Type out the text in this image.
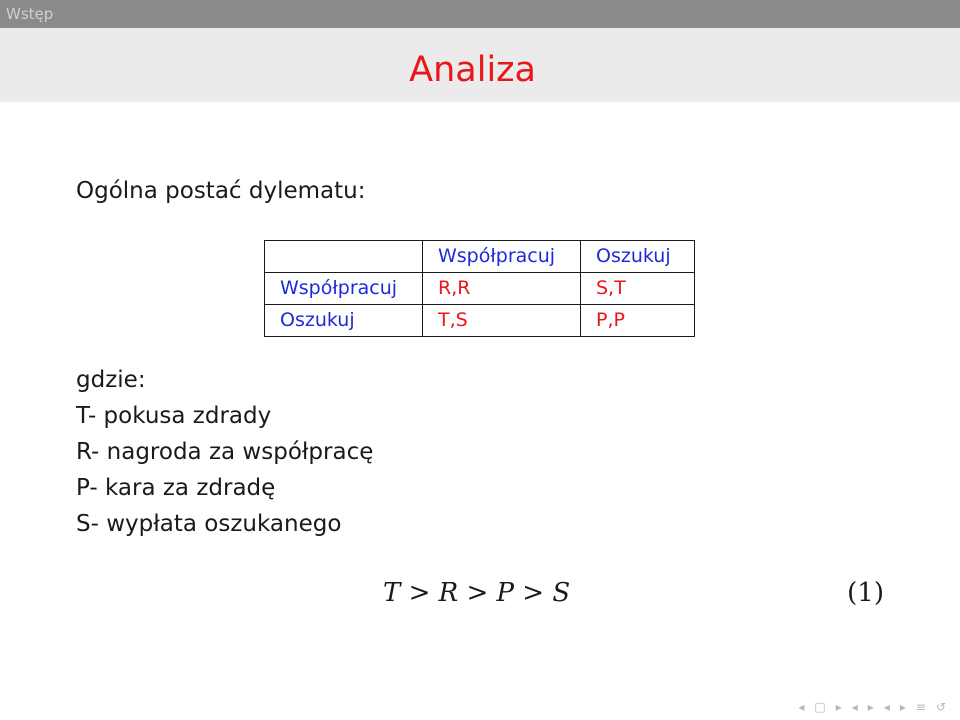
Wstęp
Analiza
Ogólna postać dylematu:
	Współpracuj	Oszukuj
Współpracuj	R,R	S,T
Oszukuj	T,S	P,P
gdzie:
T- pokusa zdrady
R- nagroda za współpracę
P- kara za zdradę
S- wypłata oszukanego
T > R > P > S	(1)
◂ □ ▸ ◂ ▸ ◂ ▸ ≡ ↺
